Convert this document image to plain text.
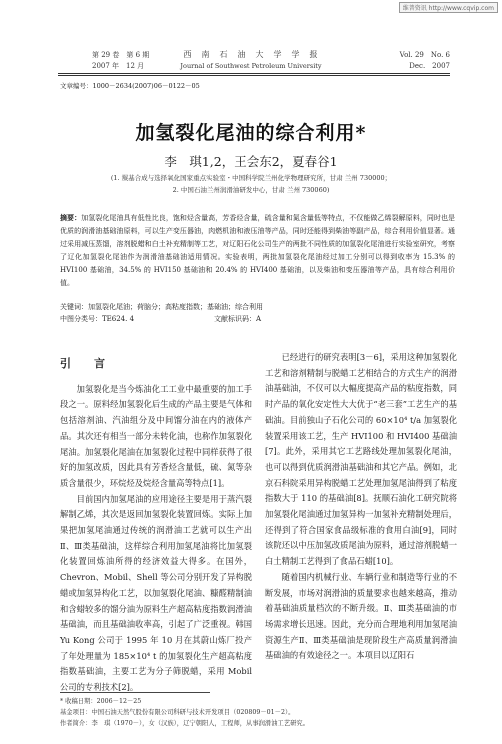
维普资讯 http://www.cqvip.com
第 29 卷　第 6 期
2007 年　12 月
西　南　石　油　大　学　学　报
Journal of Southwest Petroleum University
Vol. 29　No. 6
Dec.　2007
文章编号：1000－2634(2007)06－0122－05
加氢裂化尾油的综合利用*
李　琪1,2，王会东2，夏春谷1
(1. 羰基合成与选择氧化国家重点实验室・中国科学院兰州化学物理研究所，甘肃 兰州 730000；
2. 中国石油兰州润滑油研发中心，甘肃 兰州 730060)
摘要：加氢裂化尾油具有低性比良，饱和烃含量高，芳香烃含量，硫含量和氮含量低等特点，不仅能做乙烯裂解原料，同时也是优质的润滑油基础油原料，可以生产变压器油，肉燃机油和液压油等产品，同时还能得到柴油等副产品，综合利用价值显著。通过采用减压蒸馏，溶剂脱蜡和白土补充精制等工艺，对辽阳石化公司生产的两批不同性质的加氢裂化尾油进行实验室研究，考察了辽化加氢裂化尾油作为润滑油基础油适用情况。实验表明，两批加氢裂化尾油经过加工分别可以得到收率为 15.3% 的 HVI100 基础油，34.5% 的 HVI150 基础油和 20.4% 的 HVI400 基础油，以及柴油和变压器油等产品，具有综合利用价值。
关键词：加氢裂化尾油；荷脑分；高粘度指数；基础油；综合利用
中图分类号：TE624. 4	文献标识码：A

引　言

加氢裂化是当今炼油化工工业中最重要的加工手段之一。原料经加氢裂化后生成的产品主要是气体和包括溶剂油、汽油组分及中间馏分油在内的液体产品。其次还有相当一部分未转化油，也称作加氢裂化尾油。加氢裂化尾油在加氢裂化过程中同样获得了很好的加氢改质，因此具有芳香烃含量低，硫、氮等杂质含量很少，环烷烃及烷烃含量高等特点[1]。

目前国内加氢尾油的应用途径主要是用于蒸汽裂解制乙烯，其次是返回加氢裂化装置回炼。实际上加果把加氢尾油通过传统的润滑油工艺就可以生产出Ⅱ、Ⅲ类基础油，这样综合利用加氢尾油将比加氢裂化装置回炼油所得的经济效益大得多。在国外，Chevron、Mobil、Shell 等公司分别开发了异构脱蜡或加氢异构化工艺，以加氢裂化尾油、糠醛精制油和含蜡较多的馏分油为原料生产超高粘度指数润滑油基础油，而且基础油收率高，引起了广泛重视。韩国 Yu Kong 公司于 1995 年 10 月在其蔚山炼厂投产了年处理量为 185×10⁴ t 的加氢裂化生产超高粘度指数基础油，主要工艺为分子筛脱蜡，采用 Mobil 公司的专利技术[2]。

已经进行的研究表明[3－6]，采用这种加氢裂化工艺和溶剂精制与脱蜡工艺相结合的方式生产的润滑油基础油，不仅可以大幅度提高产品的粘度指数，同时产品的氧化安定性大大优于“老三套”工艺生产的基础油。目前独山子石化公司的 60×10⁴ t/a 加氢裂化装置采用该工艺，生产 HVI100 和 HVI400 基础油[7]。此外，采用其它工艺路线处理加氢裂化尾油，也可以得到优质润滑油基础油和其它产品。例如，北京石科院采用异构脱蜡工艺处理加氢尾油得到了粘度指数大于 110 的基础油[8]。抚顺石油化工研究院将加氢裂化尾油通过加氢异构一加氢补充精制处理后，还得到了符合国家食品级标准的食用白油[9]，同时该院还以中压加氢改质尾油为原料，通过溶剂脱蜡一白土精制工艺得到了食品石蜡[10]。

随着国内机械行业、车辆行业和制造等行业的不断发展，市场对润滑油的质量要求也越来越高，推动着基础油质量档次的不断升级。Ⅱ、Ⅲ类基础油的市场需求增长迅速。因此，充分而合理地利用加氢尾油资源生产Ⅱ、Ⅲ类基础油是现阶段生产高质量润滑油基础油的有效途径之一。本项目以辽阳石

* 收稿日期：2006－12－25
基金项目：中国石油天然气股份有限公司科研与技术开发项目（020809－01－2）。
作者简介：李　琪（1970－），女（汉族），辽宁朝阳人，工程师，从事润滑油工艺研究。
